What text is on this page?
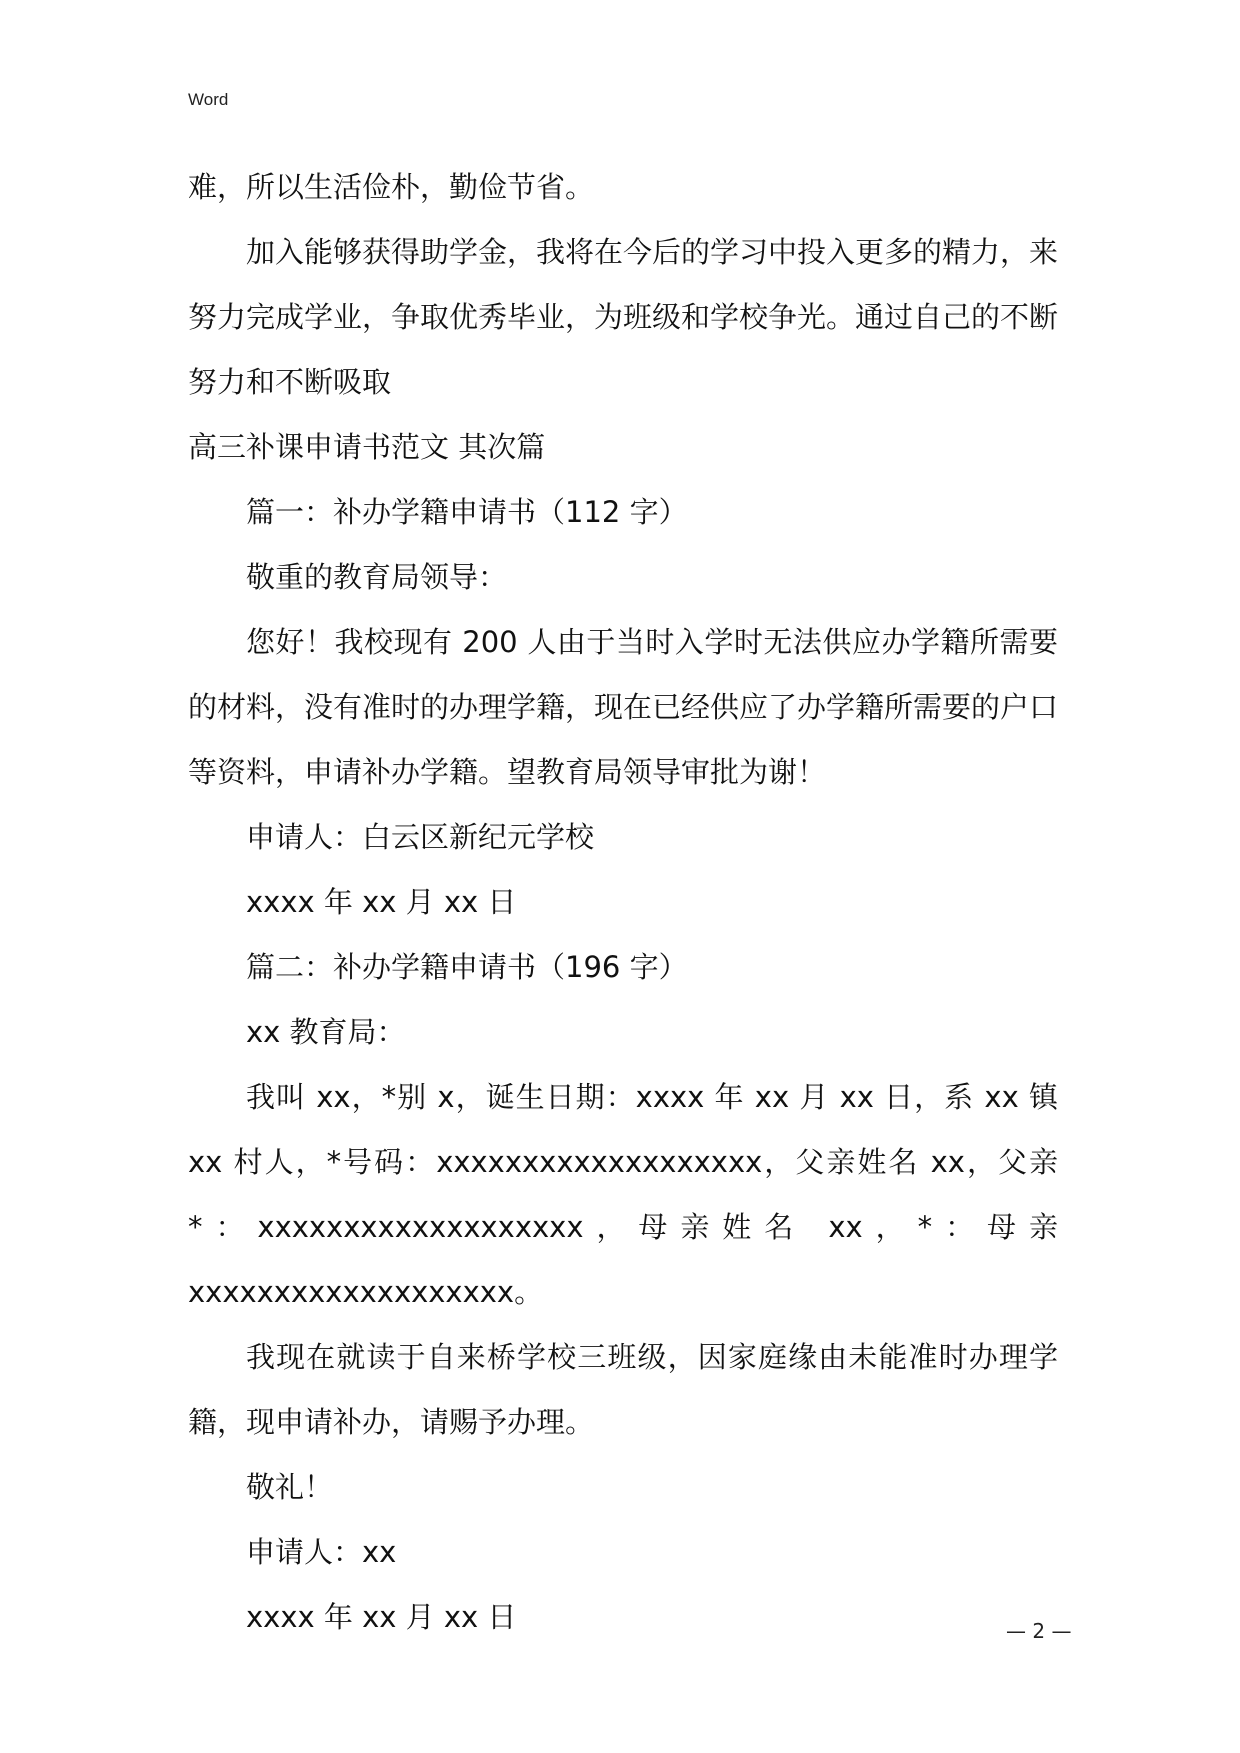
Word

难，所以生活俭朴，勤俭节省。

加入能够获得助学金，我将在今后的学习中投入更多的精力，来努力完成学业，争取优秀毕业，为班级和学校争光。通过自己的不断努力和不断吸取

高三补课申请书范文 其次篇

篇一：补办学籍申请书（112 字）

敬重的教育局领导：

您好！我校现有 200 人由于当时入学时无法供应办学籍所需要的材料，没有准时的办理学籍，现在已经供应了办学籍所需要的户口等资料，申请补办学籍。望教育局领导审批为谢！

申请人：白云区新纪元学校

xxxx 年 xx 月 xx 日

篇二：补办学籍申请书（196 字）

xx 教育局：

我叫 xx，*别 x，诞生日期：xxxx 年 xx 月 xx 日，系 xx 镇 xx 村人，*号码：xxxxxxxxxxxxxxxxxxx，父亲姓名 xx，父亲*：xxxxxxxxxxxxxxxxxxx，母亲姓名 xx，*：母亲 xxxxxxxxxxxxxxxxxxx。

我现在就读于自来桥学校三班级，因家庭缘由未能准时办理学籍，现申请补办，请赐予办理。

敬礼！

申请人：xx

xxxx 年 xx 月 xx 日	— 2 —
